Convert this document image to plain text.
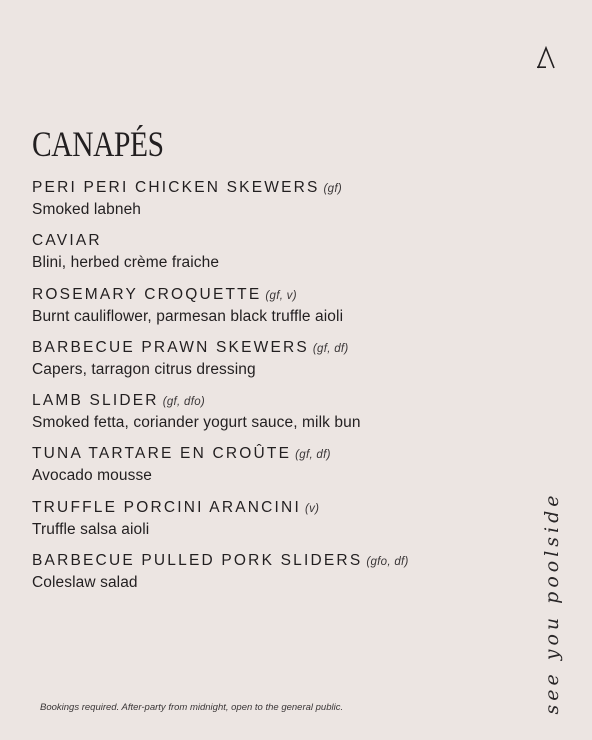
CANAPÉS
PERI PERI CHICKEN SKEWERS (gf)
Smoked labneh
CAVIAR
Blini, herbed crème fraiche
ROSEMARY CROQUETTE (gf, v)
Burnt cauliflower, parmesan black truffle aioli
BARBECUE PRAWN SKEWERS (gf, df)
Capers, tarragon citrus dressing
LAMB SLIDER (gf, dfo)
Smoked fetta, coriander yogurt sauce, milk bun
TUNA TARTARE EN CROÛTE (gf, df)
Avocado mousse
TRUFFLE PORCINI ARANCINI (v)
Truffle salsa aioli
BARBECUE PULLED PORK SLIDERS (gfo, df)
Coleslaw salad
Bookings required. After-party from midnight, open to the general public.	see you poolside
